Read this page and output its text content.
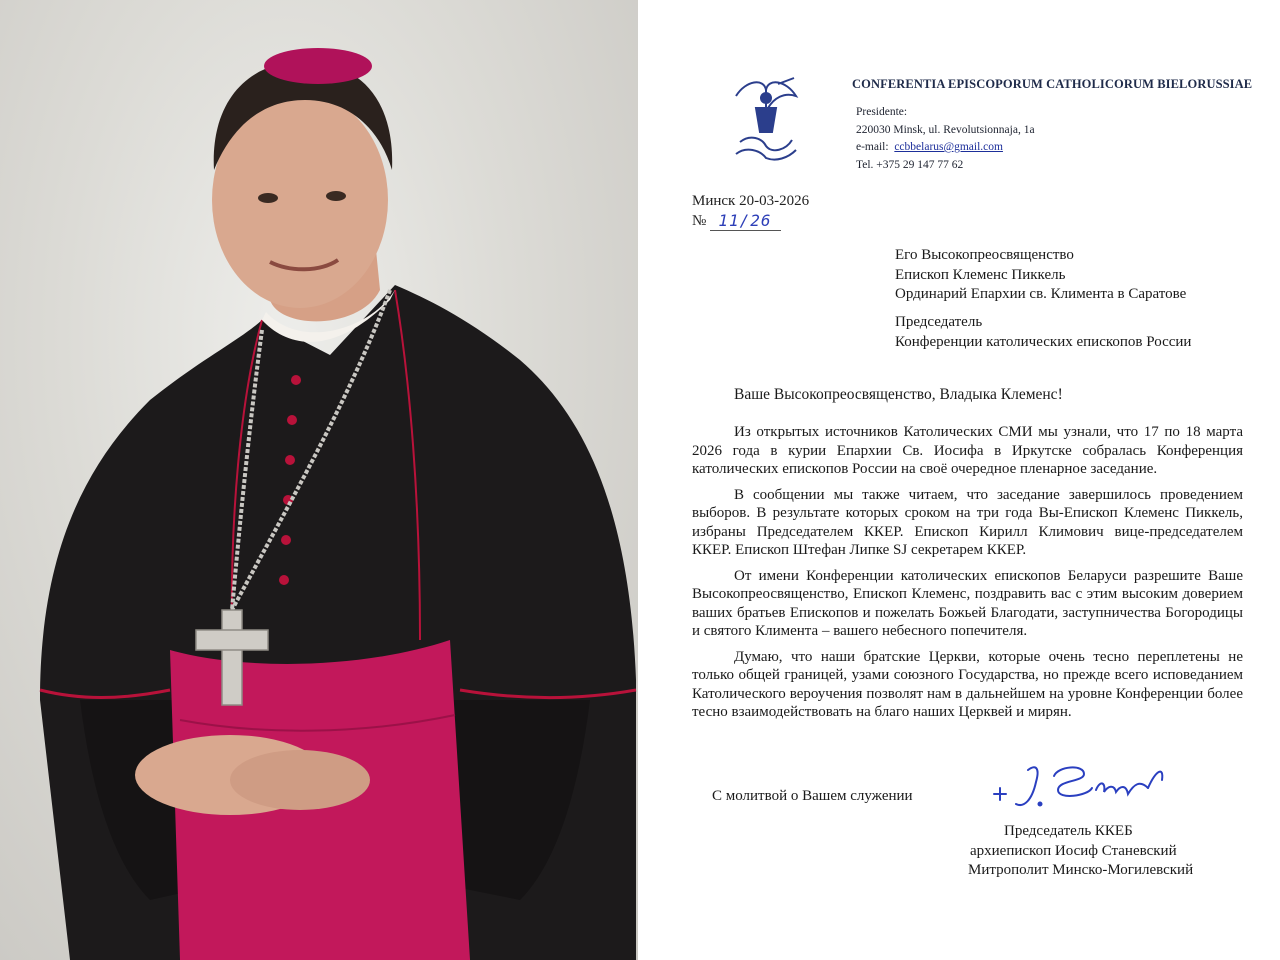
CONFERENTIA EPISCOPORUM CATHOLICORUM BIELORUSSIAE
Presidente:
220030 Minsk, ul. Revolutsionnaja, 1a
e-mail: ccbbelarus@gmail.com
Tel. +375 29 147 77 62
Минск 20-03-2026
№ 11/26
Его Высокопреосвященство
Епископ Клеменс Пиккель
Ординарий Епархии св. Климента в Саратове
Председатель
Конференции католических епископов России
Ваше Высокопреосвященство, Владыка Клеменс!

Из открытых источников Католических СМИ мы узнали, что 17 по 18 марта 2026 года в курии Епархии Св. Иосифа в Иркутске собралась Конференция католических епископов России на своё очередное пленарное заседание.

В сообщении мы также читаем, что заседание завершилось проведением выборов. В результате которых сроком на три года Вы-Епископ Клеменс Пиккель, избраны Председателем ККЕР. Епископ Кирилл Климович вице-председателем ККЕР. Епископ Штефан Липке SJ секретарем ККЕР.

От имени Конференции католических епископов Беларуси разрешите Ваше Высокопреосвященство, Епископ Клеменс, поздравить вас с этим высоким доверием ваших братьев Епископов и пожелать Божьей Благодати, заступничества Богородицы и святого Климента – вашего небесного попечителя.

Думаю, что наши братские Церкви, которые очень тесно переплетены не только общей границей, узами союзного Государства, но прежде всего исповеданием Католического вероучения позволят нам в дальнейшем на уровне Конференции более тесно взаимодействовать на благо наших Церквей и мирян.

С молитвой о Вашем служении
Председатель ККЕБ
архиепископ Иосиф Станевский
Митрополит Минско-Могилевский
